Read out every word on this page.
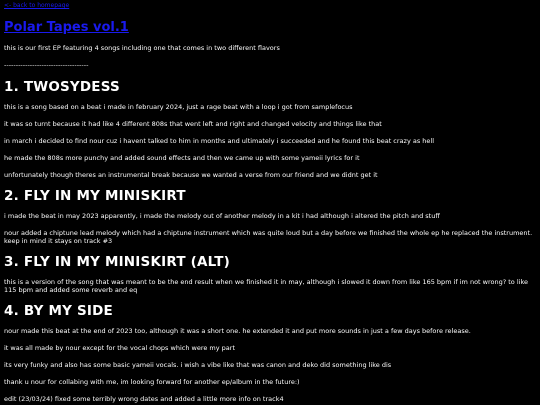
<- back to homepage
Polar Tapes vol.1

this is our first EP featuring 4 songs including one that comes in two different flavors

------------------------------------
1. TWOSYDESS

this is a song based on a beat i made in february 2024, just a rage beat with a loop i got from samplefocus

it was so turnt because it had like 4 different 808s that went left and right and changed velocity and things like that

in march i decided to find nour cuz i havent talked to him in months and ultimately i succeeded and he found this beat crazy as hell

he made the 808s more punchy and added sound effects and then we came up with some yameii lyrics for it

unfortunately though theres an instrumental break because we wanted a verse from our friend and we didnt get it

2. FLY IN MY MINISKIRT

i made the beat in may 2023 apparently, i made the melody out of another melody in a kit i had although i altered the pitch and stuff

nour added a chiptune lead melody which had a chiptune instrument which was quite loud but a day before we finished the whole ep he replaced the instrument. keep in mind it stays on track #3

3. FLY IN MY MINISKIRT (ALT)

this is a version of the song that was meant to be the end result when we finished it in may, although i slowed it down from like 165 bpm if im not wrong? to like 115 bpm and added some reverb and eq

4. BY MY SIDE

nour made this beat at the end of 2023 too, although it was a short one. he extended it and put more sounds in just a few days before release.

it was all made by nour except for the vocal chops which were my part

its very funky and also has some basic yameii vocals. i wish a vibe like that was canon and deko did something like dis

thank u nour for collabing with me, im looking forward for another ep/album in the future:)

edit (23/03/24) fixed some terribly wrong dates and added a little more info on track4
